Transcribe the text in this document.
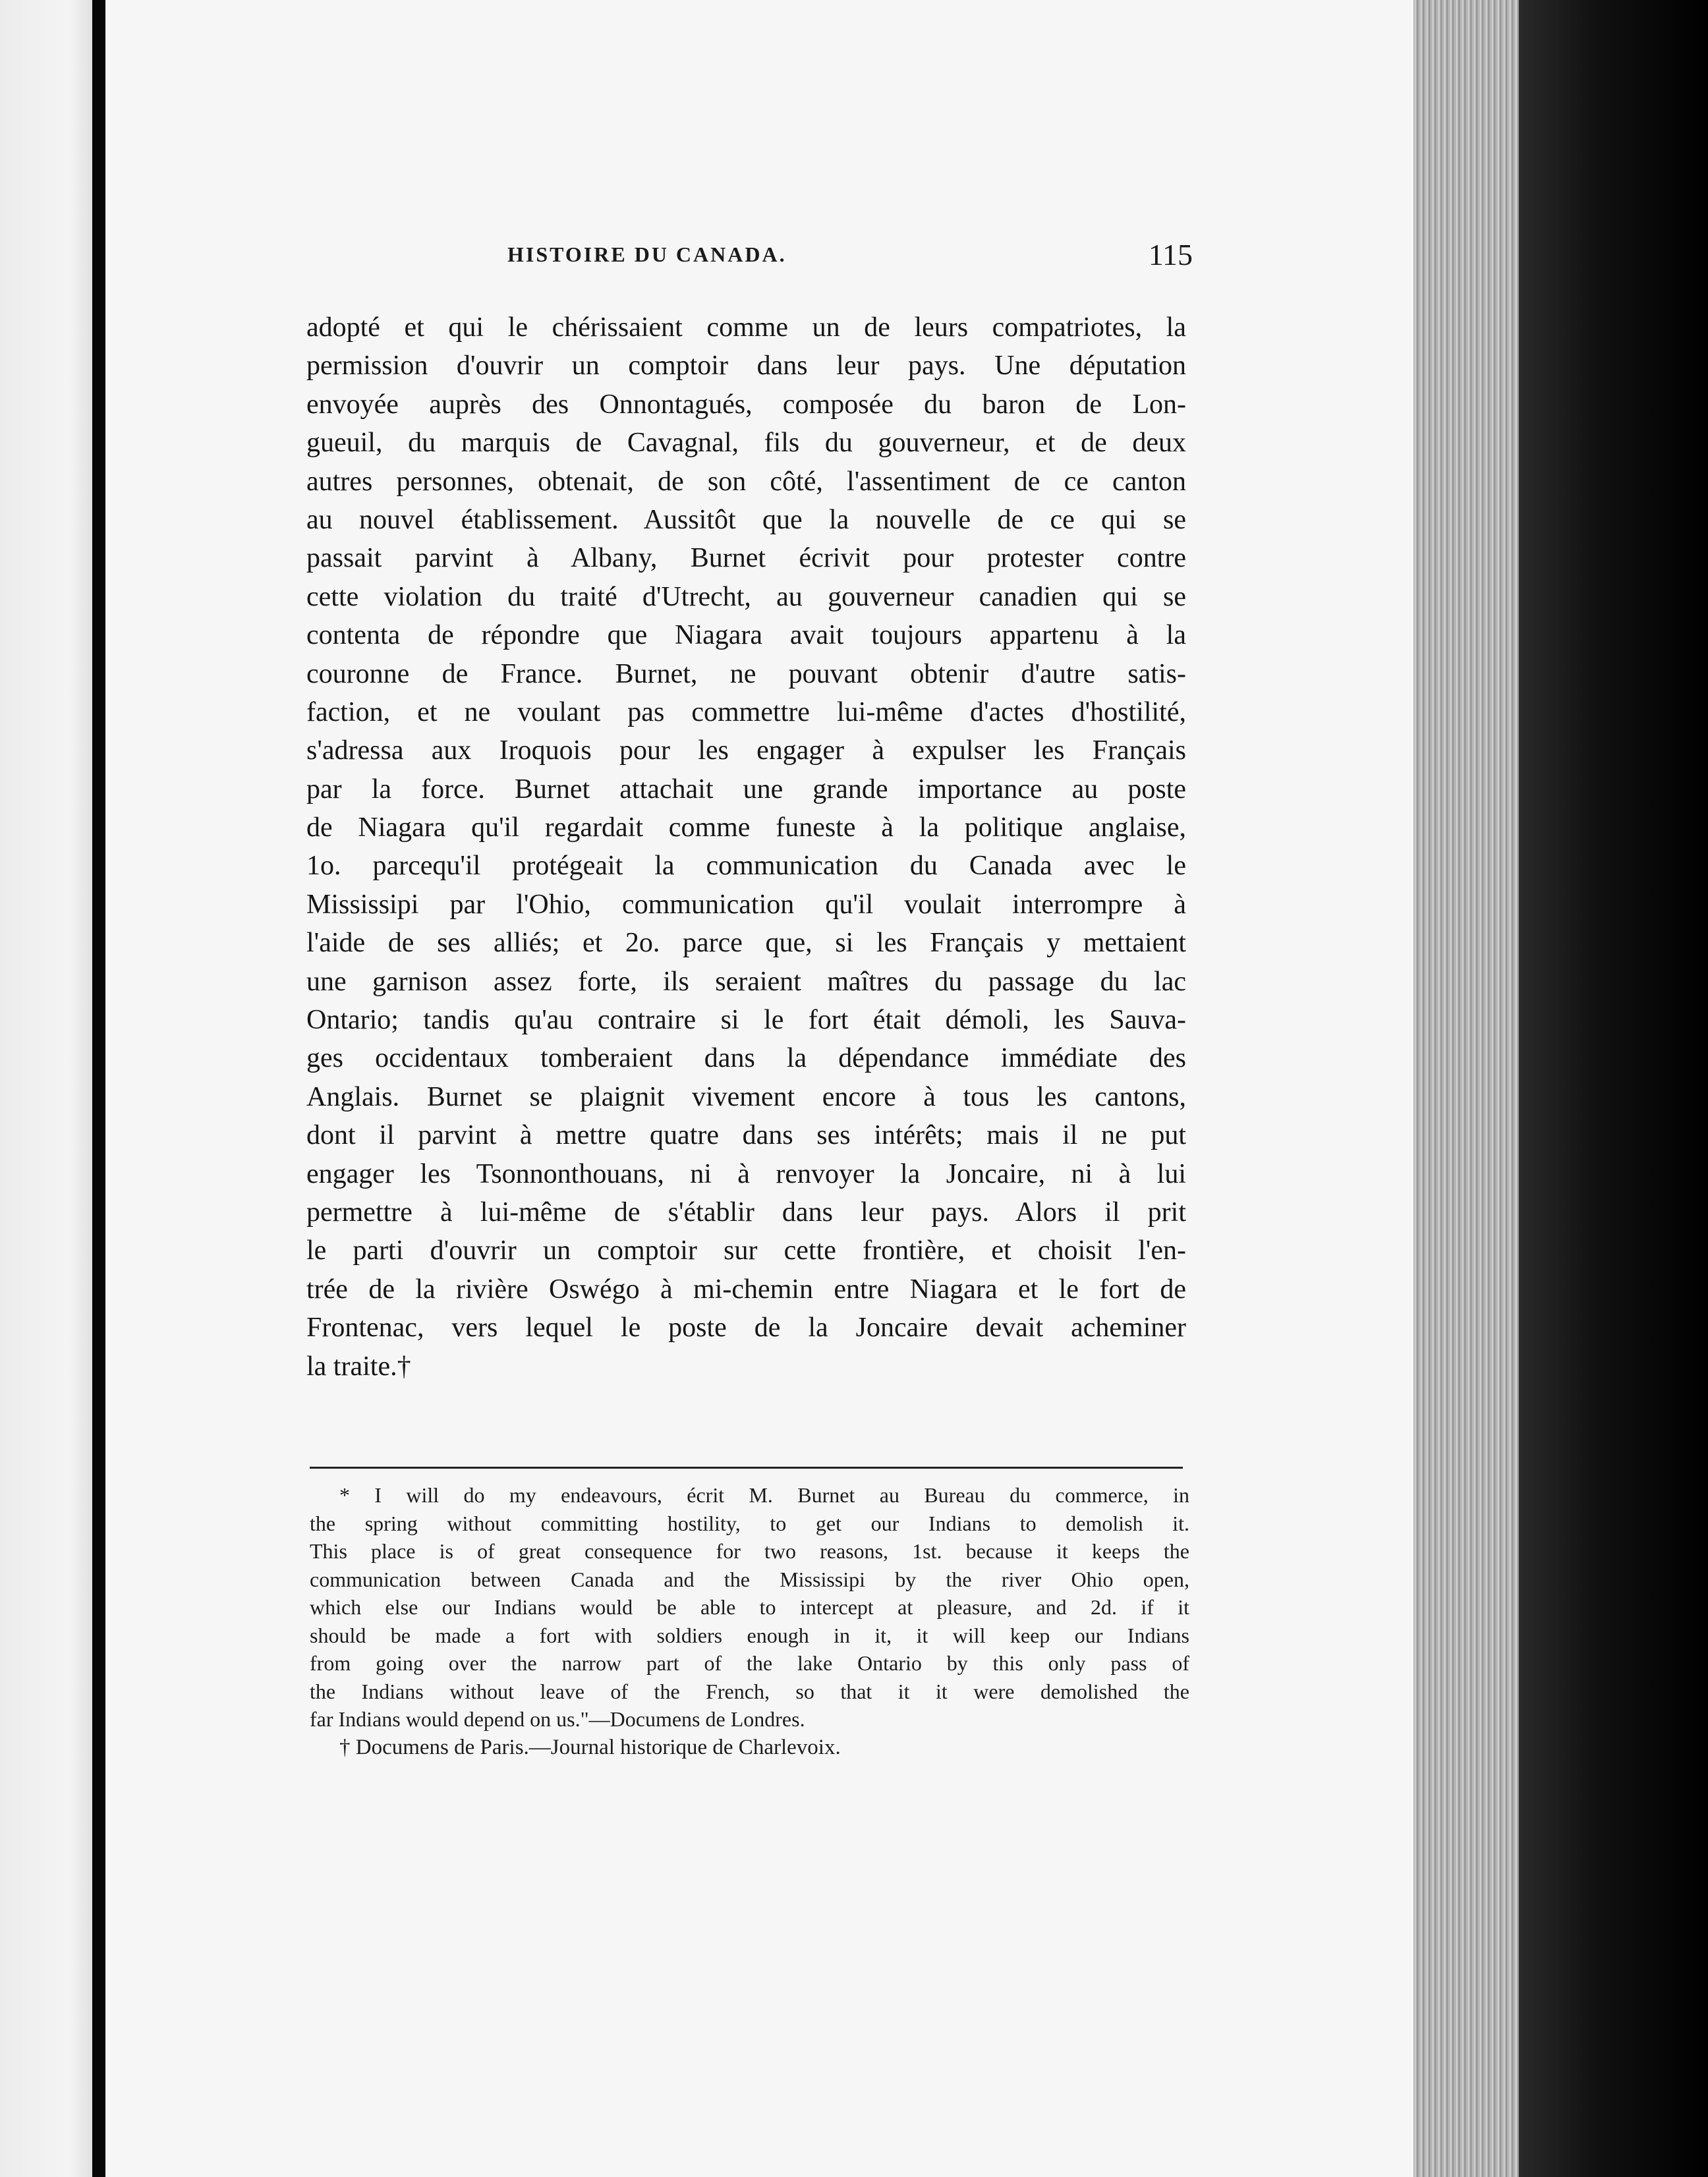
HISTOIRE DU CANADA.	115
adopté et qui le chérissaient comme un de leurs compatriotes, la
permission d'ouvrir un comptoir dans leur pays. Une députation
envoyée auprès des Onnontagués, composée du baron de Lon-
gueuil, du marquis de Cavagnal, fils du gouverneur, et de deux
autres personnes, obtenait, de son côté, l'assentiment de ce canton
au nouvel établissement. Aussitôt que la nouvelle de ce qui se
passait parvint à Albany, Burnet écrivit pour protester contre
cette violation du traité d'Utrecht, au gouverneur canadien qui se
contenta de répondre que Niagara avait toujours appartenu à la
couronne de France. Burnet, ne pouvant obtenir d'autre satis-
faction, et ne voulant pas commettre lui-même d'actes d'hostilité,
s'adressa aux Iroquois pour les engager à expulser les Français
par la force. Burnet attachait une grande importance au poste
de Niagara qu'il regardait comme funeste à la politique anglaise,
1o. parcequ'il protégeait la communication du Canada avec le
Mississipi par l'Ohio, communication qu'il voulait interrompre à
l'aide de ses alliés; et 2o. parce que, si les Français y mettaient
une garnison assez forte, ils seraient maîtres du passage du lac
Ontario; tandis qu'au contraire si le fort était démoli, les Sauva-
ges occidentaux tomberaient dans la dépendance immédiate des
Anglais. Burnet se plaignit vivement encore à tous les cantons,
dont il parvint à mettre quatre dans ses intérêts; mais il ne put
engager les Tsonnonthouans, ni à renvoyer la Joncaire, ni à lui
permettre à lui-même de s'établir dans leur pays. Alors il prit
le parti d'ouvrir un comptoir sur cette frontière, et choisit l'en-
trée de la rivière Oswégo à mi-chemin entre Niagara et le fort de
Frontenac, vers lequel le poste de la Joncaire devait acheminer
la traite.†
* I will do my endeavours, écrit M. Burnet au Bureau du commerce, in
the spring without committing hostility, to get our Indians to demolish it.
This place is of great consequence for two reasons, 1st. because it keeps the
communication between Canada and the Mississipi by the river Ohio open,
which else our Indians would be able to intercept at pleasure, and 2d. if it
should be made a fort with soldiers enough in it, it will keep our Indians
from going over the narrow part of the lake Ontario by this only pass of
the Indians without leave of the French, so that it it were demolished the
far Indians would depend on us."—Documens de Londres.
† Documens de Paris.—Journal historique de Charlevoix.
